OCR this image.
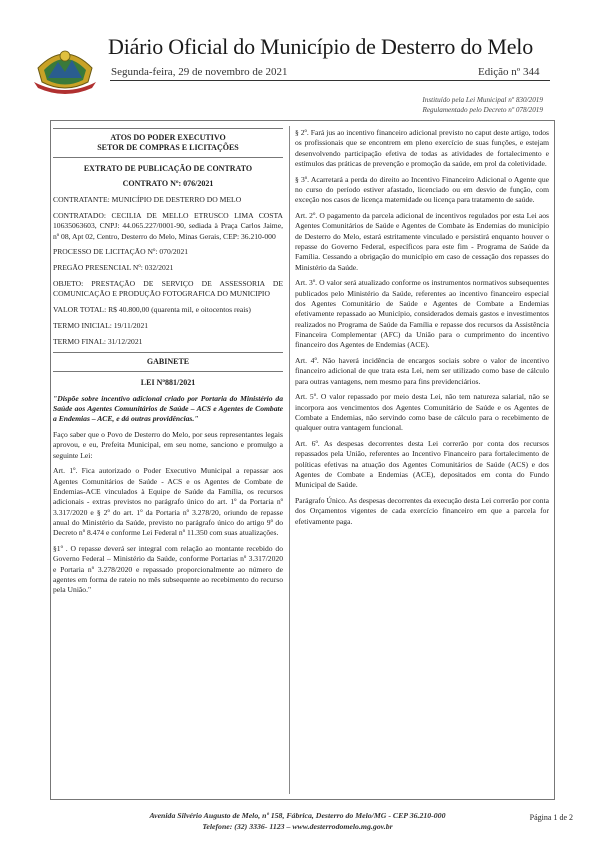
Diário Oficial do Município de Desterro do Melo
Segunda-feira, 29 de novembro de 2021	Edição nº 344
Instituído pela Lei Municipal nº 830/2019
Regulamentado pelo Decreto nº 078/2019
ATOS DO PODER EXECUTIVO
SETOR DE COMPRAS E LICITAÇÕES

EXTRATO DE PUBLICAÇÃO DE CONTRATO

CONTRATO Nº: 076/2021

CONTRATANTE: MUNICÍPIO DE DESTERRO DO MELO

CONTRATADO: CECILIA DE MELLO ETRUSCO LIMA COSTA 10635063603, CNPJ: 44.065.227/0001-90, sediada à Praça Carlos Jaime, nº 08, Apt 02, Centro, Desterro do Melo, Minas Gerais, CEP: 36.210-000

PROCESSO DE LICITAÇÃO Nº: 070/2021

PREGÃO PRESENCIAL Nº: 032/2021

OBJETO: PRESTAÇÃO DE SERVIÇO DE ASSESSORIA DE COMUNICAÇÃO E PRODUÇÃO FOTOGRAFICA DO MUNICIPIO

VALOR TOTAL: R$ 40.800,00 (quarenta mil, e oitocentos reais)

TERMO INICIAL: 19/11/2021

TERMO FINAL: 31/12/2021

GABINETE

LEI Nº881/2021

"Dispõe sobre incentivo adicional criado por Portaria do Ministério da Saúde aos Agentes Comunitários de Saúde – ACS e Agentes de Combate a Endemias – ACE, e dá outras providências."

Faço saber que o Povo de Desterro do Melo, por seus representantes legais aprovou, e eu, Prefeita Municipal, em seu nome, sanciono e promulgo a seguinte Lei:

Art. 1º. Fica autorizado o Poder Executivo Municipal a repassar aos Agentes Comunitários de Saúde - ACS e os Agentes de Combate de Endemias-ACE vinculados à Equipe de Saúde da Família, os recursos adicionais - extras previstos no parágrafo único do art. 1º da Portaria nº 3.317/2020 e § 2º do art. 1º da Portaria nº 3.278/20, oriundo de repasse anual do Ministério da Saúde, previsto no parágrafo único do artigo 9º do Decreto nº 8.474 e conforme Lei Federal nº 11.350 com suas atualizações.

§1º . O repasse deverá ser integral com relação ao montante recebido do Governo Federal – Ministério da Saúde, conforme Portarias nº 3.317/2020 e Portaria nº 3.278/2020 e repassado proporcionalmente ao número de agentes em forma de rateio no mês subsequente ao recebimento do recurso pela União."

§ 2º. Fará jus ao incentivo financeiro adicional previsto no caput deste artigo, todos os profissionais que se encontrem em pleno exercício de suas funções, e estejam desenvolvendo participação efetiva de todas as atividades de fortalecimento e estímulos das práticas de prevenção e promoção da saúde, em prol da coletividade.

§ 3º. Acarretará a perda do direito ao Incentivo Financeiro Adicional o Agente que no curso do período estiver afastado, licenciado ou em desvio de função, com exceção nos casos de licença maternidade ou licença para tratamento de saúde.

Art. 2º. O pagamento da parcela adicional de incentivos regulados por esta Lei aos Agentes Comunitários de Saúde e Agentes de Combate às Endemias do município de Desterro do Melo, estará estritamente vinculado e persistirá enquanto houver o repasse do Governo Federal, específicos para este fim - Programa de Saúde da Família. Cessando a obrigação do município em caso de cessação dos repasses do Ministério da Saúde.

Art. 3º. O valor será atualizado conforme os instrumentos normativos subsequentes publicados pelo Ministério da Saúde, referentes ao incentivo financeiro especial dos Agentes Comunitário de Saúde e Agentes de Combate a Endemias efetivamente repassado ao Município, considerados demais gastos e investimentos realizados no Programa de Saúde da Família e repasse dos recursos da Assistência Financeira Complementar (AFC) da União para o cumprimento do incentivo financeiro dos Agentes de Endemias (ACE).

Art. 4º. Não haverá incidência de encargos sociais sobre o valor de incentivo financeiro adicional de que trata esta Lei, nem ser utilizado como base de cálculo para outras vantagens, nem mesmo para fins previdenciários.

Art. 5º. O valor repassado por meio desta Lei, não tem natureza salarial, não se incorpora aos vencimentos dos Agentes Comunitário de Saúde e os Agentes de Combate a Endemias, não servindo como base de cálculo para o recebimento de qualquer outra vantagem funcional.

Art. 6º. As despesas decorrentes desta Lei correrão por conta dos recursos repassados pela União, referentes ao Incentivo Financeiro para fortalecimento de políticas efetivas na atuação dos Agentes Comunitários de Saúde (ACS) e dos Agentes de Combate a Endemias (ACE), depositados em conta do Fundo Municipal de Saúde.

Parágrafo Único. As despesas decorrentes da execução desta Lei correrão por conta dos Orçamentos vigentes de cada exercício financeiro em que a parcela for efetivamente paga.

Avenida Silvério Augusto de Melo, nº 158, Fábrica, Desterro do Melo/MG - CEP 36.210-000
Telefone: (32) 3336- 1123 – www.desterrodomelo.mg.gov.br
Página 1 de 2
